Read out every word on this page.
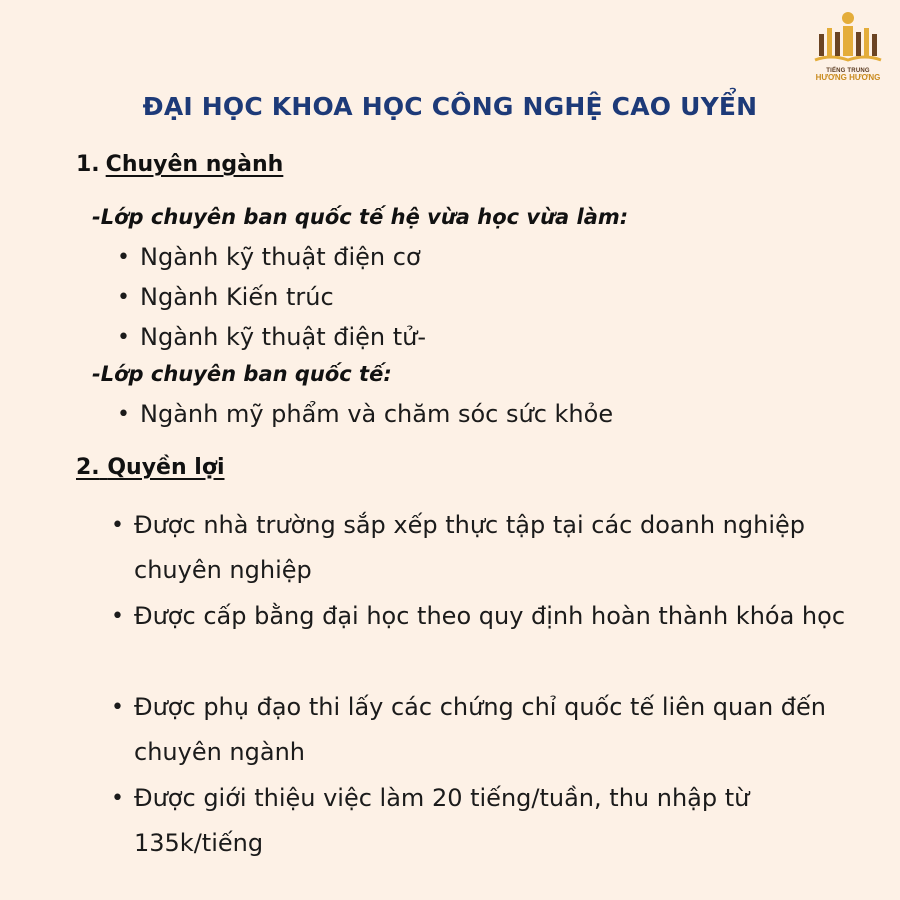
TIẾNG TRUNG
HƯƠNG HƯƠNG
ĐẠI HỌC KHOA HỌC CÔNG NGHỆ CAO UYỂN
1. Chuyên ngành
-Lớp chuyên ban quốc tế hệ vừa học vừa làm:
• Ngành kỹ thuật điện cơ
• Ngành Kiến trúc
• Ngành kỹ thuật điện tử-
-Lớp chuyên ban quốc tế:
• Ngành mỹ phẩm và chăm sóc sức khỏe
2. Quyền lợi
• Được nhà trường sắp xếp thực tập tại các doanh nghiệp chuyên nghiệp
• Được cấp bằng đại học theo quy định hoàn thành khóa học
• Được phụ đạo thi lấy các chứng chỉ quốc tế liên quan đến chuyên ngành
• Được giới thiệu việc làm 20 tiếng/tuần, thu nhập từ 135k/tiếng
